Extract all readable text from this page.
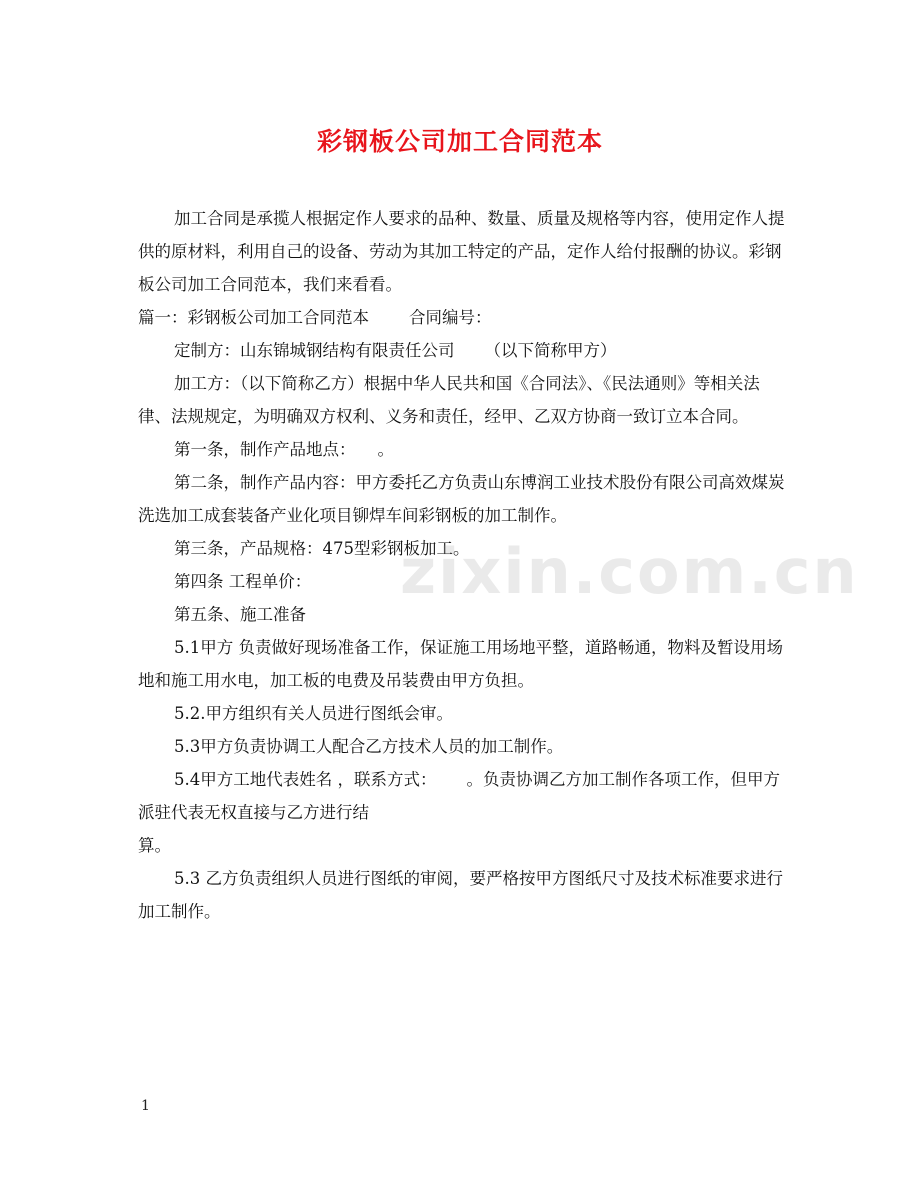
彩钢板公司加工合同范本

加工合同是承揽人根据定作人要求的品种、数量、质量及规格等内容，使用定作人提供的原材料，利用自己的设备、劳动为其加工特定的产品，定作人给付报酬的协议。彩钢板公司加工合同范本，我们来看看。

篇一：彩钢板公司加工合同范本 合同编号：

定制方：山东锦城钢结构有限责任公司 （以下简称甲方）

加工方：（以下简称乙方）根据中华人民共和国《合同法》、《民法通则》等相关法律、法规规定，为明确双方权利、义务和责任，经甲、乙双方协商一致订立本合同。

第一条，制作产品地点： 。

第二条，制作产品内容：甲方委托乙方负责山东博润工业技术股份有限公司高效煤炭洗选加工成套装备产业化项目铆焊车间彩钢板的加工制作。

第三条，产品规格：475型彩钢板加工。

第四条 工程单价：

第五条、施工准备

5.1甲方 负责做好现场准备工作，保证施工用场地平整，道路畅通，物料及暂设用场地和施工用水电，加工板的电费及吊装费由甲方负担。

5.2.甲方组织有关人员进行图纸会审。

5.3甲方负责协调工人配合乙方技术人员的加工制作。

5.4甲方工地代表姓名 ，联系方式： 。负责协调乙方加工制作各项工作，但甲方派驻代表无权直接与乙方进行结

算。

5.3 乙方负责组织人员进行图纸的审阅，要严格按甲方图纸尺寸及技术标准要求进行加工制作。

zixin.com.cn
1
